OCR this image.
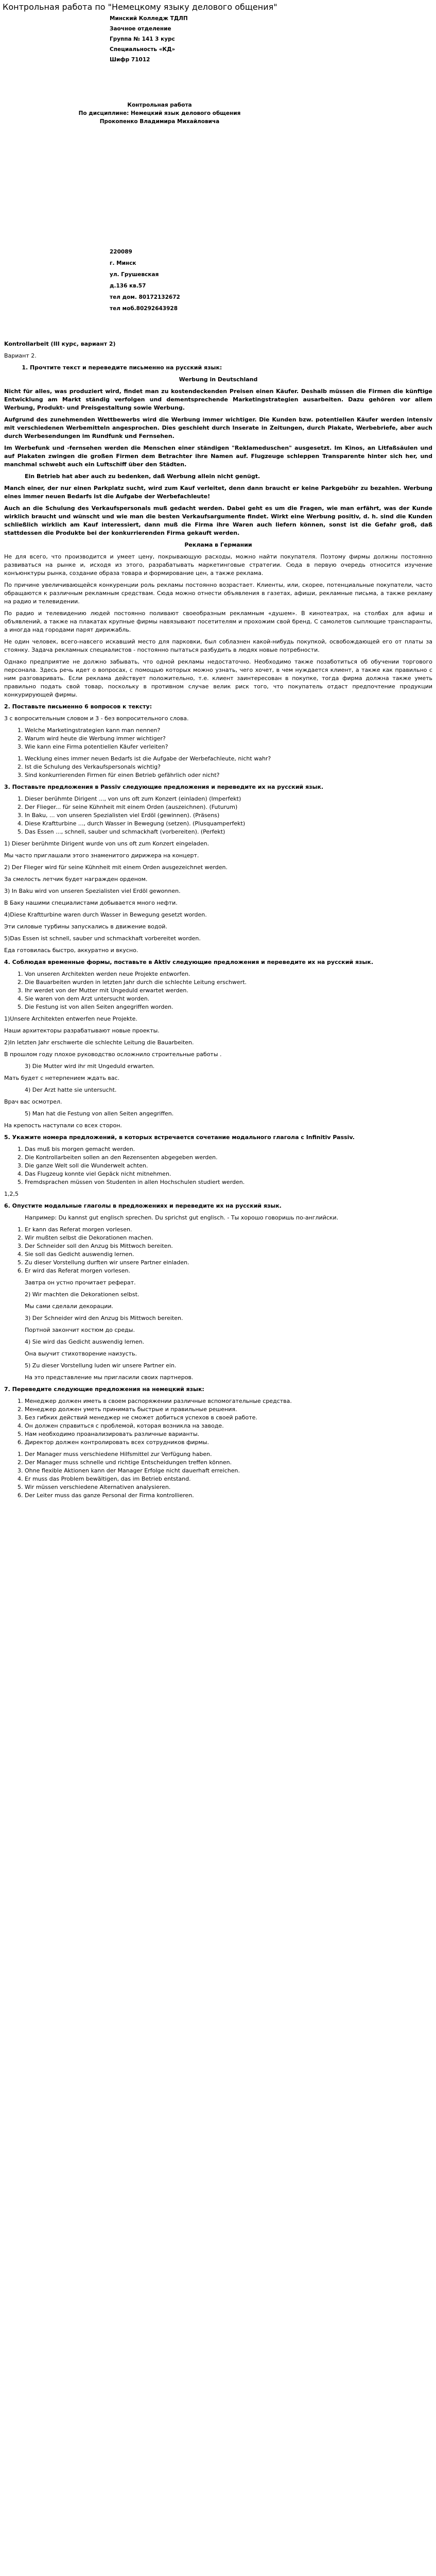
Контрольная работа по "Немецкому языку делового общения"
Минский Колледж ТДЛП
Заочное отделение
Группа № 141 3 курс
Специальность «КД»
Шифр 71012
Контрольная работа
По дисциплине: Немецкий язык делового общения
Прокопенко Владимира Михайловича
220089
г. Минск
ул. Грушевская
д.136 кв.57
тел дом. 80172132672
тел моб.80292643928

Kontrollarbeit (III курс, вариант 2)

Вариант 2.

1. Прочтите текст и переведите письменно на русский язык:

Werbung in Deutschland

Nicht für alles, was produziert wird, findet man zu kostendeckenden Preisen einen Käufer. Deshalb müssen die Firmen die künftige Entwicklung am Markt ständig verfolgen und dementsprechende Marketingstrategien ausarbeiten. Dazu gehören vor allem Werbung, Produkt- und Preisgestaltung sowie Werbung.

Aufgrund des zunehmenden Wettbewerbs wird die Werbung immer wichtiger. Die Kunden bzw. potentiellen Käufer werden intensiv mit verschiedenen Werbemitteln angesprochen. Dies geschieht durch Inserate in Zeitungen, durch Plakate, Werbebriefe, aber auch durch Werbesendungen im Rundfunk und Fernsehen.

Im Werbefunk und -fernsehen werden die Menschen einer ständigen "Reklameduschen" ausgesetzt. Im Kinos, an Litfaßsäulen und auf Plakaten zwingen die großen Firmen dem Betrachter ihre Namen auf. Flugzeuge schleppen Transparente hinter sich her, und manchmal schwebt auch ein Luftschiff über den Städten.

Ein Betrieb hat aber auch zu bedenken, daß Werbung allein nicht genügt.

Manch einer, der nur einen Parkplatz sucht, wird zum Kauf verleitet, denn dann braucht er keine Parkgebühr zu bezahlen. Werbung eines immer neuen Bedarfs ist die Aufgabe der Werbefachleute!

Auch an die Schulung des Verkaufspersonals muß gedacht werden. Dabei geht es um die Fragen, wie man erfährt, was der Kunde wirklich braucht und wünscht und wie man die besten Verkaufsargumente findet. Wirkt eine Werbung positiv, d. h. sind die Kunden schließlich wirklich am Kauf interessiert, dann muß die Firma ihre Waren auch liefern können, sonst ist die Gefahr groß, daß stattdessen die Produkte bei der konkurrierenden Firma gekauft werden.

Реклама в Германии

Не для всего, что производится и умеет цену, покрывающую расходы, можно найти покупателя. Поэтому фирмы должны постоянно развиваться на рынке и, исходя из этого, разрабатывать маркетинговые стратегии. Сюда в первую очередь относится изучение конъюнктуры рынка, создание образа товара и формирование цен, а также реклама.

По причине увеличивающейся конкуренции роль рекламы постоянно возрастает. Клиенты, или, скорее, потенциальные покупатели, часто обращаются к различным рекламным средствам. Сюда можно отнести объявления в газетах, афиши, рекламные письма, а также рекламу на радио и телевидении.

По радио и телевидению людей постоянно поливают своеобразным рекламным «душем». В кинотеатрах, на столбах для афиш и объявлений, а также на плакатах крупные фирмы навязывают посетителям и прохожим свой бренд. С самолетов сыплющие транспаранты, а иногда над городами парят дирижабль.

Не один человек, всего-навсего искавший место для парковки, был соблазнен какой-нибудь покупкой, освобождающей его от платы за стоянку. Задача рекламных специалистов - постоянно пытаться разбудить в людях новые потребности.

Однако предприятие не должно забывать, что одной рекламы недостаточно. Необходимо также позаботиться об обучении торгового персонала. Здесь речь идет о вопросах, с помощью которых можно узнать, чего хочет, в чем нуждается клиент, а также как правильно с ним разговаривать. Если реклама действует положительно, т.е. клиент заинтересован в покупке, тогда фирма должна также уметь правильно подать свой товар, поскольку в противном случае велик риск того, что покупатель отдаст предпочтение продукции конкурирующей фирмы.

2. Поставьте письменно 6 вопросов к тексту:

3 с вопросительным словом и 3 - без вопросительного слова.

1. Welche Marketingstrategien kann man nennen?
2. Warum wird heute die Werbung immer wichtiger?
3. Wie kann eine Firma potentiellen Käufer verleiten?
1. Wecklung eines immer neuen Bedarfs ist die Aufgabe der Werbefachleute, nicht wahr?
2. Ist die Schulung des Verkaufspersonals wichtig?
3. Sind konkurrierenden Firmen für einen Betrieb gefährlich oder nicht?

3. Поставьте предложения в Passiv следующие предложения и переведите их на русский язык.

1. Dieser berühmte Dirigent ..., von uns oft zum Konzert (einladen) (Imperfekt)
2. Der Flieger... für seine Kühnheit mit einem Orden (auszeichnen). (Futurum)
3. In Baku, ... von unseren Spezialisten viel Erdöl (gewinnen). (Präsens)
4. Diese Kraftturbine ..., durch Wasser in Bewegung (setzen). (Plusquamperfekt)
5. Das Essen ..., schnell, sauber und schmackhaft (vorbereiten). (Perfekt)

1) Dieser berühmte Dirigent wurde von uns oft zum Konzert eingeladen.

Мы часто приглашали этого знаменитого дирижера на концерт.

2) Der Flieger wird für seine Kühnheit mit einem Orden ausgezeichnet werden.

За смелость летчик будет награжден орденом.

3) In Baku wird von unseren Spezialisten viel Erdöl gewonnen.

В Баку нашими специалистами добывается много нефти.

4)Diese Kraftturbine waren durch Wasser in Bewegung gesetzt worden.

Эти силовые турбины запускались в движение водой.

5)Das Essen ist schnell, sauber und schmackhaft vorbereitet worden.

Еда готовилась быстро, аккуратно и вкусно.

4. Соблюдая временные формы, поставьте в Aktiv следующие предложения и переведите их на русский язык.

1. Von unseren Architekten werden neue Projekte entworfen.
2. Die Bauarbeiten wurden in letzten Jahr durch die schlechte Leitung erschwert.
3. Ihr werdet von der Mutter mit Ungeduld erwartet werden.
4. Sie waren von dem Arzt untersucht worden.
5. Die Festung ist von allen Seiten angegriffen worden.

1)Unsere Architekten entwerfen neue Projekte.

Наши архитекторы разрабатывают новые проекты.

2)In letzten Jahr erschwerte die schlechte Leitung die Bauarbeiten.

В прошлом году плохое руководство осложнило строительные работы .

3) Die Mutter wird ihr mit Ungeduld erwarten.

Мать будет с нетерпением ждать вас.

4) Der Arzt hatte sie untersucht.

Врач вас осмотрел.

5) Man hat die Festung von allen Seiten angegriffen.

На крепость наступали со всех сторон.

5. Укажите номера предложений, в которых встречается сочетание модального глагола с Infinitiv Passiv.

1. Das muß bis morgen gemacht werden.
2. Die Kontrollarbeiten sollen an den Rezensenten abgegeben werden.
3. Die ganze Welt soll die Wunderwelt achten.
4. Das Flugzeug konnte viel Gepäck nicht mitnehmen.
5. Fremdsprachen müssen von Studenten in allen Hochschulen studiert werden.

1,2,5

6. Опустите модальные глаголы в предложениях и переведите их на русский язык.

Например: Du kannst gut englisch sprechen. Du sprichst gut englisch. - Ты хорошо говоришь по-английски.

1. Er kann das Referat morgen vorlesen.
2. Wir mußten selbst die Dekorationen machen.
3. Der Schneider soll den Anzug bis Mittwoch bereiten.
4. Sie soll das Gedicht auswendig lernen.
5. Zu dieser Vorstellung durften wir unsere Partner einladen.
6. Er wird das Referat morgen vorlesen.

Завтра он устно прочитает реферат.

2) Wir machten die Dekorationen selbst.

Мы сами сделали декорации.

3) Der Schneider wird den Anzug bis Mittwoch bereiten.

Портной закончит костюм до среды.

4) Sie wird das Gedicht auswendig lernen.

Она выучит стихотворение наизусть.

5) Zu dieser Vorstellung luden wir unsere Partner ein.

На это представление мы пригласили своих партнеров.

7. Переведите следующие предложения на немецкий язык:

1. Менеджер должен иметь в своем распоряжении различные вспомогательные средства.
2. Менеджер должен уметь принимать быстрые и правильные решения.
3. Без гибких действий менеджер не сможет добиться успехов в своей работе.
4. Он должен справиться с проблемой, которая возникла на заводе.
5. Нам необходимо проанализировать различные варианты.
6. Директор должен контролировать всех сотрудников фирмы.
1. Der Manager muss verschiedene Hilfsmittel zur Verfügung haben.
2. Der Manager muss schnelle und richtige Entscheidungen treffen können.
3. Ohne flexible Aktionen kann der Manager Erfolge nicht dauerhaft erreichen.
4. Er muss das Problem bewältigen, das im Betrieb entstand.
5. Wir müssen verschiedene Alternativen analysieren.
6. Der Leiter muss das ganze Personal der Firma kontrollieren.
